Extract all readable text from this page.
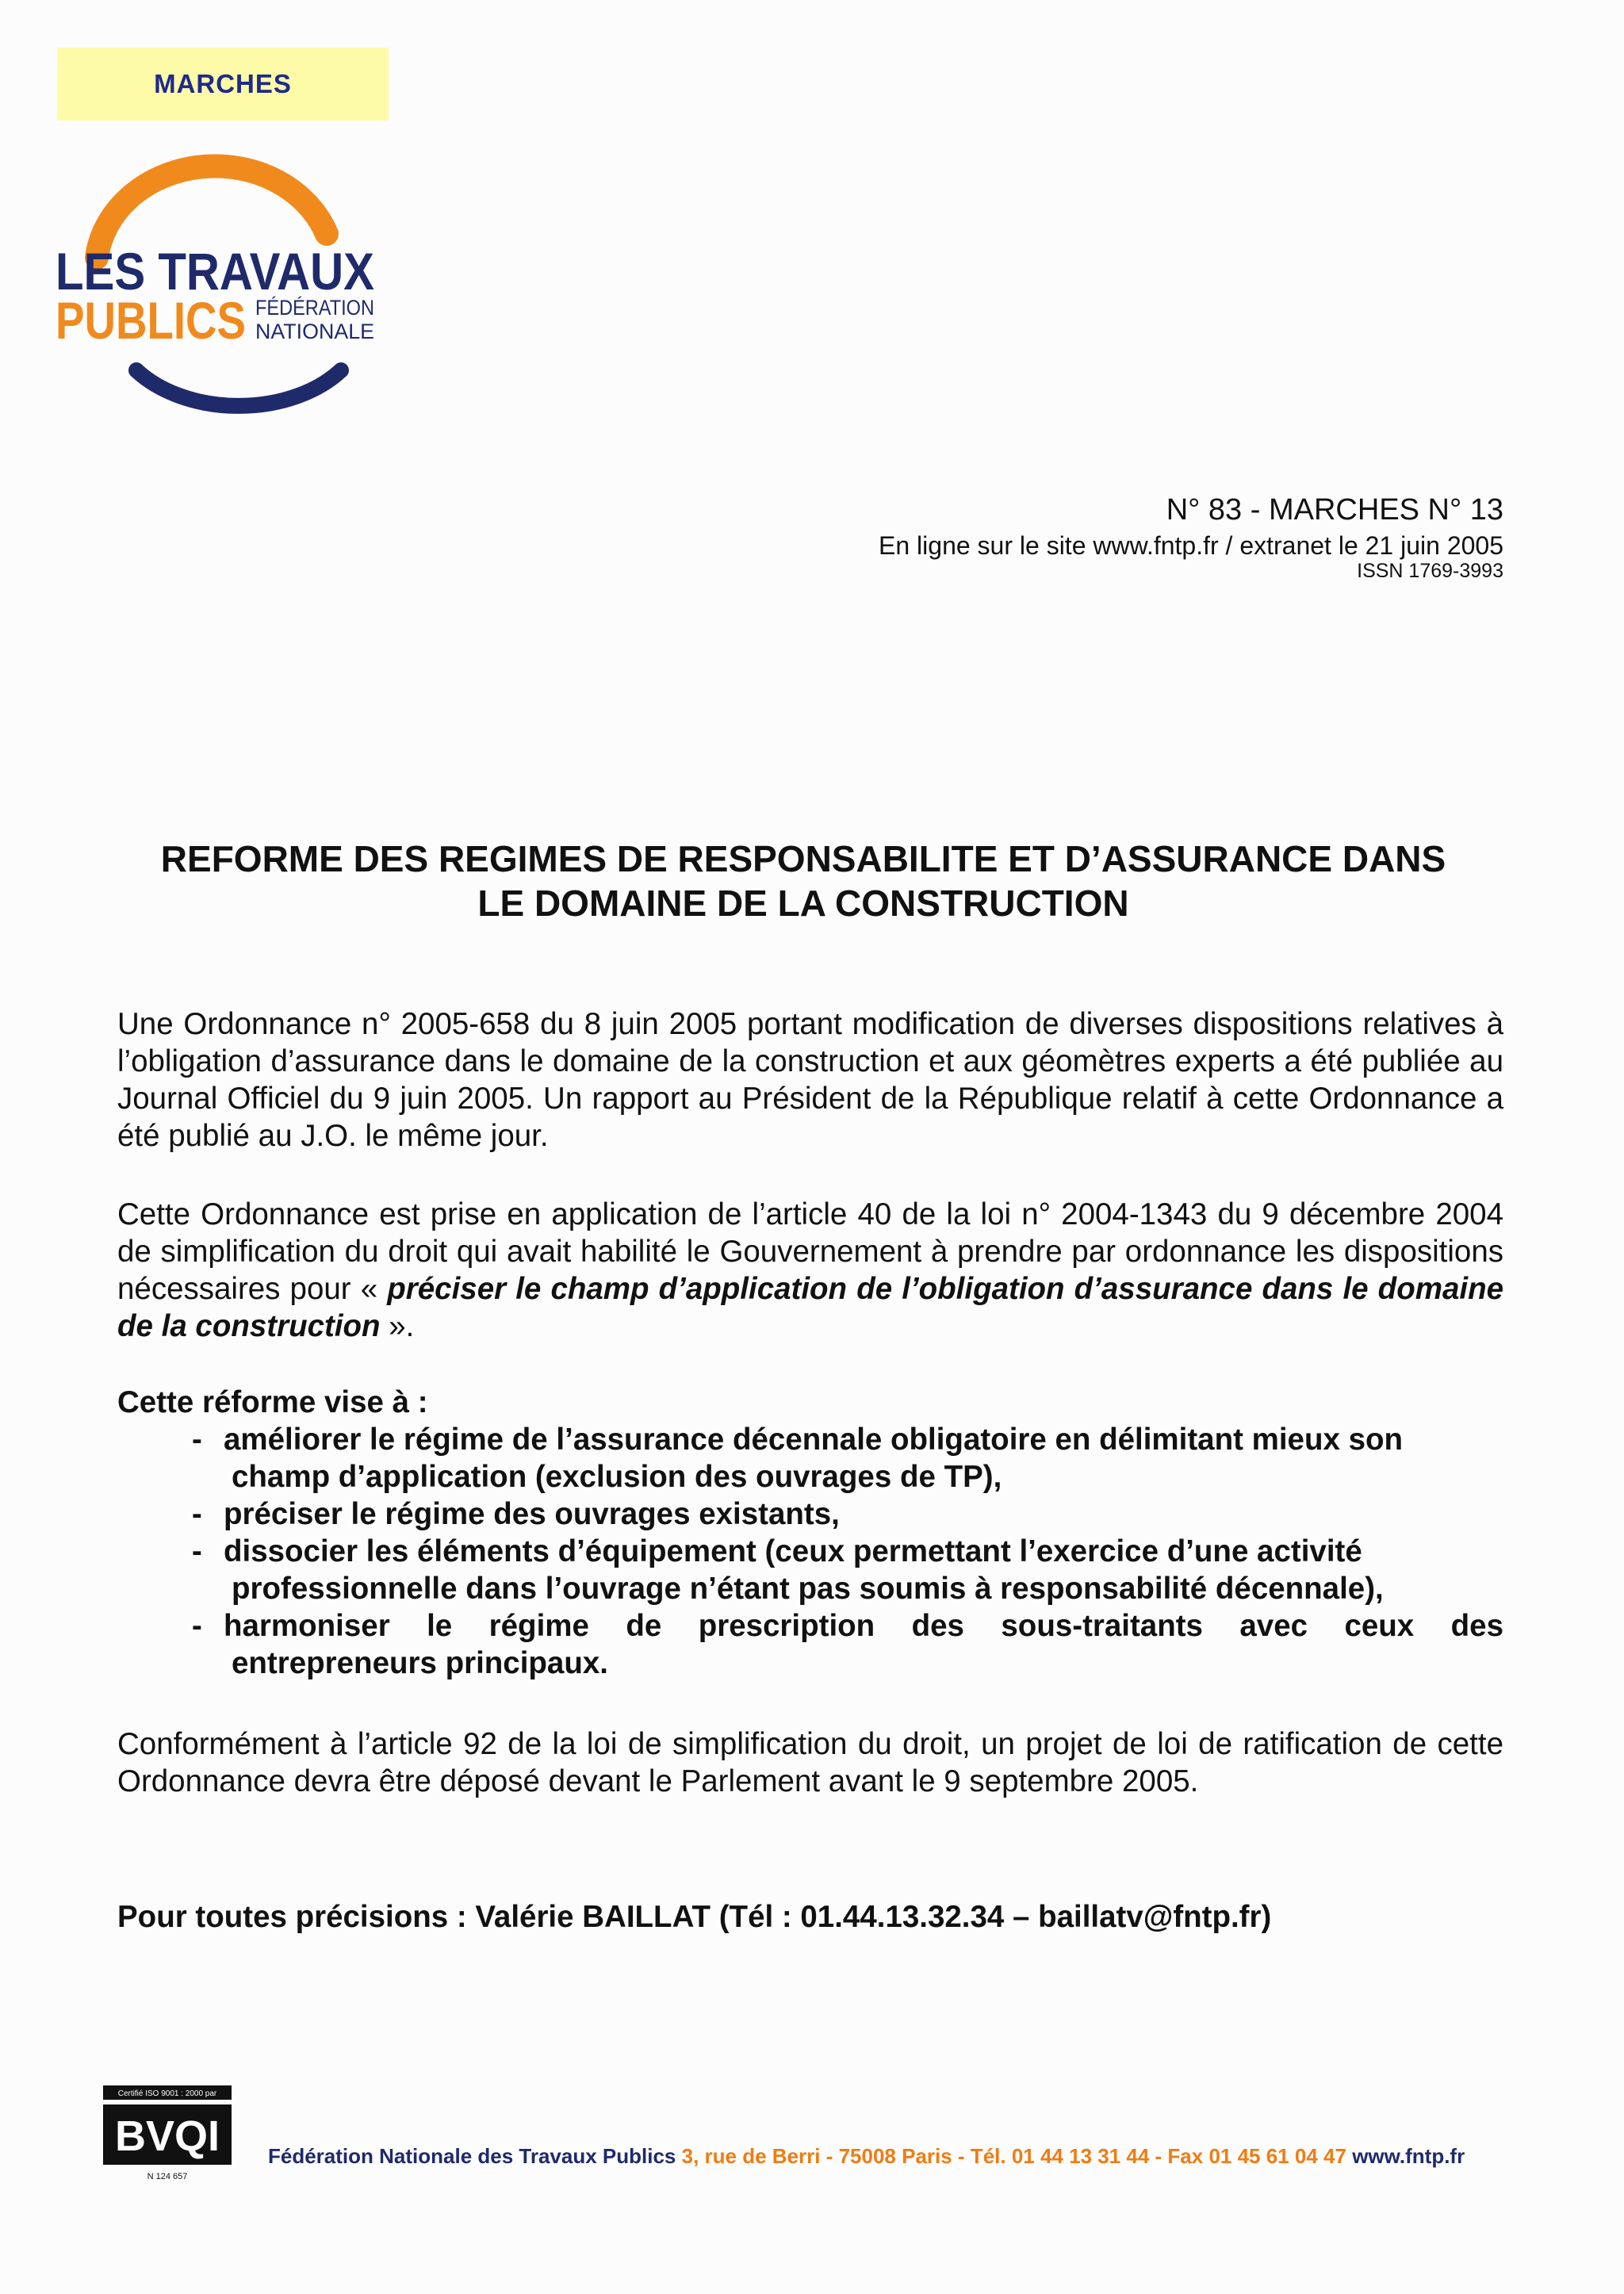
MARCHES
LES TRAVAUX
PUBLICS FÉDÉRATION
NATIONALE
N° 83 - MARCHES N° 13
En ligne sur le site www.fntp.fr / extranet le 21 juin 2005
ISSN 1769-3993
REFORME DES REGIMES DE RESPONSABILITE ET D’ASSURANCE DANS
LE DOMAINE DE LA CONSTRUCTION
Une Ordonnance n° 2005-658 du 8 juin 2005 portant modification de diverses dispositions relatives à l’obligation d’assurance dans le domaine de la construction et aux géomètres experts a été publiée au Journal Officiel du 9 juin 2005. Un rapport au Président de la République relatif à cette Ordonnance a été publié au J.O. le même jour.
Cette Ordonnance est prise en application de l’article 40 de la loi n° 2004-1343 du 9 décembre 2004 de simplification du droit qui avait habilité le Gouvernement à prendre par ordonnance les dispositions nécessaires pour « préciser le champ d’application de l’obligation d’assurance dans le domaine de la construction ».
Cette réforme vise à :
- améliorer le régime de l’assurance décennale obligatoire en délimitant mieux son
champ d’application (exclusion des ouvrages de TP),
- préciser le régime des ouvrages existants,
- dissocier les éléments d’équipement (ceux permettant l’exercice d’une activité
professionnelle dans l’ouvrage n’étant pas soumis à responsabilité décennale),
- harmoniser le régime de prescription des sous-traitants avec ceux des
entrepreneurs principaux.
Conformément à l’article 92 de la loi de simplification du droit, un projet de loi de ratification de cette Ordonnance devra être déposé devant le Parlement avant le 9 septembre 2005.
Pour toutes précisions : Valérie BAILLAT (Tél : 01.44.13.32.34 – baillatv@fntp.fr)
Certifié ISO 9001 : 2000 par
BVQI
N 124 657
Fédération Nationale des Travaux Publics 3, rue de Berri - 75008 Paris - Tél. 01 44 13 31 44 - Fax 01 45 61 04 47 www.fntp.fr
